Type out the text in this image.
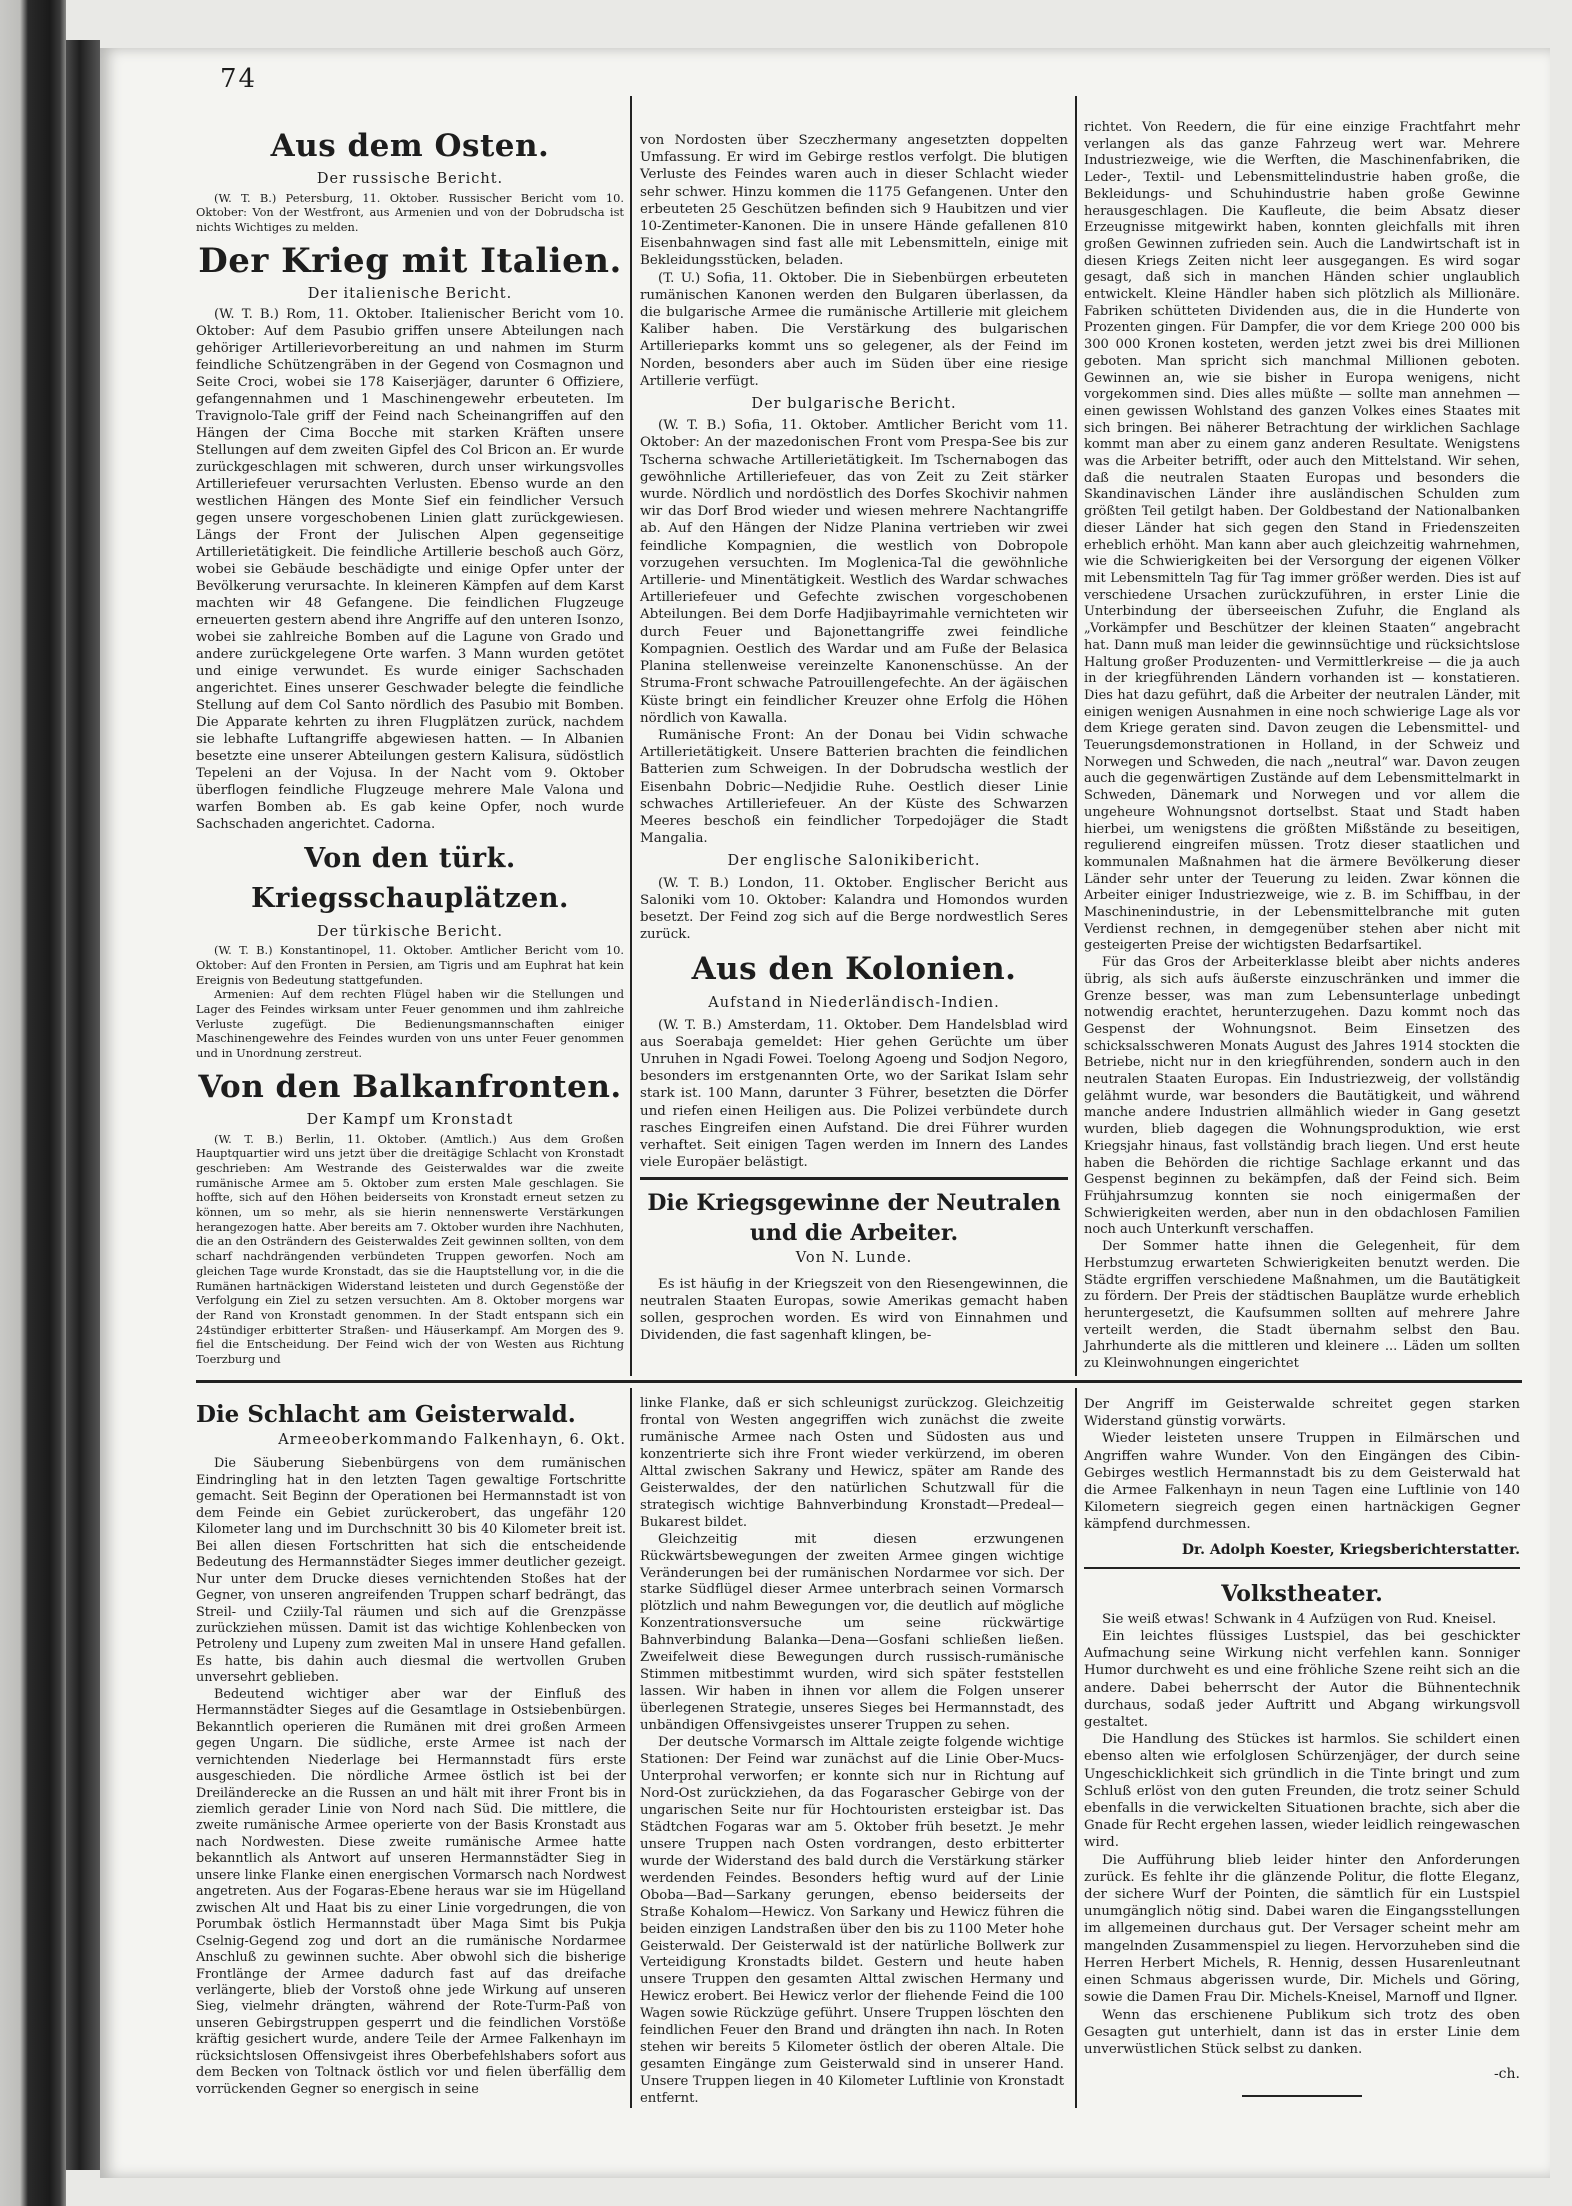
74
Aus dem Osten.
Der russische Bericht.

(W. T. B.) Petersburg, 11. Oktober. Russischer Bericht vom 10. Oktober: Von der Westfront, aus Armenien und von der Dobrudscha ist nichts Wichtiges zu melden.

Der Krieg mit Italien.
Der italienische Bericht.

(W. T. B.) Rom, 11. Oktober. Italienischer Bericht vom 10. Oktober: Auf dem Pasubio griffen unsere Abteilungen nach gehöriger Artillerievorbereitung an und nahmen im Sturm feindliche Schützengräben in der Gegend von Cosmagnon und Seite Croci, wobei sie 178 Kaiserjäger, darunter 6 Offiziere, gefangennahmen und 1 Maschinengewehr erbeuteten. Im Travignolo-Tale griff der Feind nach Scheinangriffen auf den Hängen der Cima Bocche mit starken Kräften unsere Stellungen auf dem zweiten Gipfel des Col Bricon an. Er wurde zurückgeschlagen mit schweren, durch unser wirkungsvolles Artilleriefeuer verursachten Verlusten. Ebenso wurde an den westlichen Hängen des Monte Sief ein feindlicher Versuch gegen unsere vorgeschobenen Linien glatt zurückgewiesen. Längs der Front der Julischen Alpen gegenseitige Artillerietätigkeit. Die feindliche Artillerie beschoß auch Görz, wobei sie Gebäude beschädigte und einige Opfer unter der Bevölkerung verursachte. In kleineren Kämpfen auf dem Karst machten wir 48 Gefangene. Die feindlichen Flugzeuge erneuerten gestern abend ihre Angriffe auf den unteren Isonzo, wobei sie zahlreiche Bomben auf die Lagune von Grado und andere zurückgelegene Orte warfen. 3 Mann wurden getötet und einige verwundet. Es wurde einiger Sachschaden angerichtet. Eines unserer Geschwader belegte die feindliche Stellung auf dem Col Santo nördlich des Pasubio mit Bomben. Die Apparate kehrten zu ihren Flugplätzen zurück, nachdem sie lebhafte Luftangriffe abgewiesen hatten. — In Albanien besetzte eine unserer Abteilungen gestern Kalisura, südöstlich Tepeleni an der Vojusa. In der Nacht vom 9. Oktober überflogen feindliche Flugzeuge mehrere Male Valona und warfen Bomben ab. Es gab keine Opfer, noch wurde Sachschaden angerichtet. Cadorna.

Von den türk. Kriegsschauplätzen.
Der türkische Bericht.

(W. T. B.) Konstantinopel, 11. Oktober. Amtlicher Bericht vom 10. Oktober: Auf den Fronten in Persien, am Tigris und am Euphrat hat kein Ereignis von Bedeutung stattgefunden.

Armenien: Auf dem rechten Flügel haben wir die Stellungen und Lager des Feindes wirksam unter Feuer genommen und ihm zahlreiche Verluste zugefügt. Die Bedienungsmannschaften einiger Maschinengewehre des Feindes wurden von uns unter Feuer genommen und in Unordnung zerstreut.

Von den Balkanfronten.
Der Kampf um Kronstadt

(W. T. B.) Berlin, 11. Oktober. (Amtlich.) Aus dem Großen Hauptquartier wird uns jetzt über die dreitägige Schlacht von Kronstadt geschrieben: Am Westrande des Geisterwaldes war die zweite rumänische Armee am 5. Oktober zum ersten Male geschlagen. Sie hoffte, sich auf den Höhen beiderseits von Kronstadt erneut setzen zu können, um so mehr, als sie hierin nennenswerte Verstärkungen herangezogen hatte. Aber bereits am 7. Oktober wurden ihre Nachhuten, die an den Osträndern des Geisterwaldes Zeit gewinnen sollten, von dem scharf nachdrängenden verbündeten Truppen geworfen. Noch am gleichen Tage wurde Kronstadt, das sie die Hauptstellung vor, in die die Rumänen hartnäckigen Widerstand leisteten und durch Gegenstöße der Verfolgung ein Ziel zu setzen versuchten. Am 8. Oktober morgens war der Rand von Kronstadt genommen. In der Stadt entspann sich ein 24stündiger erbitterter Straßen- und Häuserkampf. Am Morgen des 9. fiel die Entscheidung. Der Feind wich der von Westen aus Richtung Toerzburg und

von Nordosten über Szeczhermany angesetzten doppelten Umfassung. Er wird im Gebirge restlos verfolgt. Die blutigen Verluste des Feindes waren auch in dieser Schlacht wieder sehr schwer. Hinzu kommen die 1175 Gefangenen. Unter den erbeuteten 25 Geschützen befinden sich 9 Haubitzen und vier 10-Zentimeter-Kanonen. Die in unsere Hände gefallenen 810 Eisenbahnwagen sind fast alle mit Lebensmitteln, einige mit Bekleidungsstücken, beladen.

(T. U.) Sofia, 11. Oktober. Die in Siebenbürgen erbeuteten rumänischen Kanonen werden den Bulgaren überlassen, da die bulgarische Armee die rumänische Artillerie mit gleichem Kaliber haben. Die Verstärkung des bulgarischen Artillerieparks kommt uns so gelegener, als der Feind im Norden, besonders aber auch im Süden über eine riesige Artillerie verfügt.

Der bulgarische Bericht.

(W. T. B.) Sofia, 11. Oktober. Amtlicher Bericht vom 11. Oktober: An der mazedonischen Front vom Prespa-See bis zur Tscherna schwache Artillerietätigkeit. Im Tschernabogen das gewöhnliche Artilleriefeuer, das von Zeit zu Zeit stärker wurde. Nördlich und nordöstlich des Dorfes Skochivir nahmen wir das Dorf Brod wieder und wiesen mehrere Nachtangriffe ab. Auf den Hängen der Nidze Planina vertrieben wir zwei feindliche Kompagnien, die westlich von Dobropole vorzugehen versuchten. Im Moglenica-Tal die gewöhnliche Artillerie- und Minentätigkeit. Westlich des Wardar schwaches Artilleriefeuer und Gefechte zwischen vorgeschobenen Abteilungen. Bei dem Dorfe Hadjibayrimahle vernichteten wir durch Feuer und Bajonettangriffe zwei feindliche Kompagnien. Oestlich des Wardar und am Fuße der Belasica Planina stellenweise vereinzelte Kanonenschüsse. An der Struma-Front schwache Patrouillengefechte. An der ägäischen Küste bringt ein feindlicher Kreuzer ohne Erfolg die Höhen nördlich von Kawalla.

Rumänische Front: An der Donau bei Vidin schwache Artillerietätigkeit. Unsere Batterien brachten die feindlichen Batterien zum Schweigen. In der Dobrudscha westlich der Eisenbahn Dobric—Nedjidie Ruhe. Oestlich dieser Linie schwaches Artilleriefeuer. An der Küste des Schwarzen Meeres beschoß ein feindlicher Torpedojäger die Stadt Mangalia.

Der englische Salonikibericht.

(W. T. B.) London, 11. Oktober. Englischer Bericht aus Saloniki vom 10. Oktober: Kalandra und Homondos wurden besetzt. Der Feind zog sich auf die Berge nordwestlich Seres zurück.

Aus den Kolonien.
Aufstand in Niederländisch-Indien.

(W. T. B.) Amsterdam, 11. Oktober. Dem Handelsblad wird aus Soerabaja gemeldet: Hier gehen Gerüchte um über Unruhen in Ngadi Fowei. Toelong Agoeng und Sodjon Negoro, besonders im erstgenannten Orte, wo der Sarikat Islam sehr stark ist. 100 Mann, darunter 3 Führer, besetzten die Dörfer und riefen einen Heiligen aus. Die Polizei verbündete durch rasches Eingreifen einen Aufstand. Die drei Führer wurden verhaftet. Seit einigen Tagen werden im Innern des Landes viele Europäer belästigt.

Die Kriegsgewinne der Neutralen und die Arbeiter.
Von N. Lunde.

Es ist häufig in der Kriegszeit von den Riesengewinnen, die neutralen Staaten Europas, sowie Amerikas gemacht haben sollen, gesprochen worden. Es wird von Einnahmen und Dividenden, die fast sagenhaft klingen, be-

richtet. Von Reedern, die für eine einzige Frachtfahrt mehr verlangen als das ganze Fahrzeug wert war. Mehrere Industriezweige, wie die Werften, die Maschinenfabriken, die Leder-, Textil- und Lebensmittelindustrie haben große, die Bekleidungs- und Schuhindustrie haben große Gewinne herausgeschlagen. Die Kaufleute, die beim Absatz dieser Erzeugnisse mitgewirkt haben, konnten gleichfalls mit ihren großen Gewinnen zufrieden sein. Auch die Landwirtschaft ist in diesen Kriegs Zeiten nicht leer ausgegangen. Es wird sogar gesagt, daß sich in manchen Händen schier unglaublich entwickelt. Kleine Händler haben sich plötzlich als Millionäre. Fabriken schütteten Dividenden aus, die in die Hunderte von Prozenten gingen. Für Dampfer, die vor dem Kriege 200 000 bis 300 000 Kronen kosteten, werden jetzt zwei bis drei Millionen geboten. Man spricht sich manchmal Millionen geboten. Gewinnen an, wie sie bisher in Europa wenigens, nicht vorgekommen sind. Dies alles müßte — sollte man annehmen — einen gewissen Wohlstand des ganzen Volkes eines Staates mit sich bringen. Bei näherer Betrachtung der wirklichen Sachlage kommt man aber zu einem ganz anderen Resultate. Wenigstens was die Arbeiter betrifft, oder auch den Mittelstand. Wir sehen, daß die neutralen Staaten Europas und besonders die Skandinavischen Länder ihre ausländischen Schulden zum größten Teil getilgt haben. Der Goldbestand der Nationalbanken dieser Länder hat sich gegen den Stand in Friedenszeiten erheblich erhöht. Man kann aber auch gleichzeitig wahrnehmen, wie die Schwierigkeiten bei der Versorgung der eigenen Völker mit Lebensmitteln Tag für Tag immer größer werden. Dies ist auf verschiedene Ursachen zurückzuführen, in erster Linie die Unterbindung der überseeischen Zufuhr, die England als „Vorkämpfer und Beschützer der kleinen Staaten“ angebracht hat. Dann muß man leider die gewinnsüchtige und rücksichtslose Haltung großer Produzenten- und Vermittlerkreise — die ja auch in der kriegführenden Ländern vorhanden ist — konstatieren. Dies hat dazu geführt, daß die Arbeiter der neutralen Länder, mit einigen wenigen Ausnahmen in eine noch schwierige Lage als vor dem Kriege geraten sind. Davon zeugen die Lebensmittel- und Teuerungsdemonstrationen in Holland, in der Schweiz und Norwegen und Schweden, die nach „neutral“ war. Davon zeugen auch die gegenwärtigen Zustände auf dem Lebensmittelmarkt in Schweden, Dänemark und Norwegen und vor allem die ungeheure Wohnungsnot dortselbst. Staat und Stadt haben hierbei, um wenigstens die größten Mißstände zu beseitigen, regulierend eingreifen müssen. Trotz dieser staatlichen und kommunalen Maßnahmen hat die ärmere Bevölkerung dieser Länder sehr unter der Teuerung zu leiden. Zwar können die Arbeiter einiger Industriezweige, wie z. B. im Schiffbau, in der Maschinenindustrie, in der Lebensmittelbranche mit guten Verdienst rechnen, in demgegenüber stehen aber nicht mit gesteigerten Preise der wichtigsten Bedarfsartikel.

Für das Gros der Arbeiterklasse bleibt aber nichts anderes übrig, als sich aufs äußerste einzuschränken und immer die Grenze besser, was man zum Lebensunterlage unbedingt notwendig erachtet, herunterzugehen. Dazu kommt noch das Gespenst der Wohnungsnot. Beim Einsetzen des schicksalsschweren Monats August des Jahres 1914 stockten die Betriebe, nicht nur in den kriegführenden, sondern auch in den neutralen Staaten Europas. Ein Industriezweig, der vollständig gelähmt wurde, war besonders die Bautätigkeit, und während manche andere Industrien allmählich wieder in Gang gesetzt wurden, blieb dagegen die Wohnungsproduktion, wie erst Kriegsjahr hinaus, fast vollständig brach liegen. Und erst heute haben die Behörden die richtige Sachlage erkannt und das Gespenst beginnen zu bekämpfen, daß der Feind sich. Beim Frühjahrsumzug konnten sie noch einigermaßen der Schwierigkeiten werden, aber nun in den obdachlosen Familien noch auch Unterkunft verschaffen.

Der Sommer hatte ihnen die Gelegenheit, für dem Herbstumzug erwarteten Schwierigkeiten benutzt werden. Die Städte ergriffen verschiedene Maßnahmen, um die Bautätigkeit zu fördern. Der Preis der städtischen Bauplätze wurde erheblich heruntergesetzt, die Kaufsummen sollten auf mehrere Jahre verteilt werden, die Stadt übernahm selbst den Bau. Jahrhunderte als die mittleren und kleinere ... Läden um sollten zu Kleinwohnungen eingerichtet

Die Schlacht am Geisterwald.
Armeeoberkommando Falkenhayn, 6. Okt.

Die Säuberung Siebenbürgens von dem rumänischen Eindringling hat in den letzten Tagen gewaltige Fortschritte gemacht. Seit Beginn der Operationen bei Hermannstadt ist von dem Feinde ein Gebiet zurückerobert, das ungefähr 120 Kilometer lang und im Durchschnitt 30 bis 40 Kilometer breit ist. Bei allen diesen Fortschritten hat sich die entscheidende Bedeutung des Hermannstädter Sieges immer deutlicher gezeigt. Nur unter dem Drucke dieses vernichtenden Stoßes hat der Gegner, von unseren angreifenden Truppen scharf bedrängt, das Streil- und Cziily-Tal räumen und sich auf die Grenzpässe zurückziehen müssen. Damit ist das wichtige Kohlenbecken von Petroleny und Lupeny zum zweiten Mal in unsere Hand gefallen. Es hatte, bis dahin auch diesmal die wertvollen Gruben unversehrt geblieben.

Bedeutend wichtiger aber war der Einfluß des Hermannstädter Sieges auf die Gesamtlage in Ostsiebenbürgen. Bekanntlich operieren die Rumänen mit drei großen Armeen gegen Ungarn. Die südliche, erste Armee ist nach der vernichtenden Niederlage bei Hermannstadt fürs erste ausgeschieden. Die nördliche Armee östlich ist bei der Dreiländerecke an die Russen an und hält mit ihrer Front bis in ziemlich gerader Linie von Nord nach Süd. Die mittlere, die zweite rumänische Armee operierte von der Basis Kronstadt aus nach Nordwesten. Diese zweite rumänische Armee hatte bekanntlich als Antwort auf unseren Hermannstädter Sieg in unsere linke Flanke einen energischen Vormarsch nach Nordwest angetreten. Aus der Fogaras-Ebene heraus war sie im Hügelland zwischen Alt und Haat bis zu einer Linie vorgedrungen, die von Porumbak östlich Hermannstadt über Maga Simt bis Pukja Cselnig-Gegend zog und dort an die rumänische Nordarmee Anschluß zu gewinnen suchte. Aber obwohl sich die bisherige Frontlänge der Armee dadurch fast auf das dreifache verlängerte, blieb der Vorstoß ohne jede Wirkung auf unseren Sieg, vielmehr drängten, während der Rote-Turm-Paß von unseren Gebirgstruppen gesperrt und die feindlichen Vorstöße kräftig gesichert wurde, andere Teile der Armee Falkenhayn im rücksichtslosen Offensivgeist ihres Oberbefehlshabers sofort aus dem Becken von Toltnack östlich vor und fielen überfällig dem vorrückenden Gegner so energisch in seine

linke Flanke, daß er sich schleunigst zurückzog. Gleichzeitig frontal von Westen angegriffen wich zunächst die zweite rumänische Armee nach Osten und Südosten aus und konzentrierte sich ihre Front wieder verkürzend, im oberen Alttal zwischen Sakrany und Hewicz, später am Rande des Geisterwaldes, der den natürlichen Schutzwall für die strategisch wichtige Bahnverbindung Kronstadt—Predeal—Bukarest bildet.

Gleichzeitig mit diesen erzwungenen Rückwärtsbewegungen der zweiten Armee gingen wichtige Veränderungen bei der rumänischen Nordarmee vor sich. Der starke Südflügel dieser Armee unterbrach seinen Vormarsch plötzlich und nahm Bewegungen vor, die deutlich auf mögliche Konzentrationsversuche um seine rückwärtige Bahnverbindung Balanka—Dena—Gosfani schließen ließen. Zweifelweit diese Bewegungen durch russisch-rumänische Stimmen mitbestimmt wurden, wird sich später feststellen lassen. Wir haben in ihnen vor allem die Folgen unserer überlegenen Strategie, unseres Sieges bei Hermannstadt, des unbändigen Offensivgeistes unserer Truppen zu sehen.

Der deutsche Vormarsch im Alttale zeigte folgende wichtige Stationen: Der Feind war zunächst auf die Linie Ober-Mucs-Unterprohal verworfen; er konnte sich nur in Richtung auf Nord-Ost zurückziehen, da das Fogarascher Gebirge von der ungarischen Seite nur für Hochtouristen ersteigbar ist. Das Städtchen Fogaras war am 5. Oktober früh besetzt. Je mehr unsere Truppen nach Osten vordrangen, desto erbitterter wurde der Widerstand des bald durch die Verstärkung stärker werdenden Feindes. Besonders heftig wurd auf der Linie Oboba—Bad—Sarkany gerungen, ebenso beiderseits der Straße Kohalom—Hewicz. Von Sarkany und Hewicz führen die beiden einzigen Landstraßen über den bis zu 1100 Meter hohe Geisterwald. Der Geisterwald ist der natürliche Bollwerk zur Verteidigung Kronstadts bildet. Gestern und heute haben unsere Truppen den gesamten Alttal zwischen Hermany und Hewicz erobert. Bei Hewicz verlor der fliehende Feind die 100 Wagen sowie Rückzüge geführt. Unsere Truppen löschten den feindlichen Feuer den Brand und drängten ihn nach. In Roten stehen wir bereits 5 Kilometer östlich der oberen Altale. Die gesamten Eingänge zum Geisterwald sind in unserer Hand. Unsere Truppen liegen in 40 Kilometer Luftlinie von Kronstadt entfernt.

Der Angriff im Geisterwalde schreitet gegen starken Widerstand günstig vorwärts.

Wieder leisteten unsere Truppen in Eilmärschen und Angriffen wahre Wunder. Von den Eingängen des Cibin-Gebirges westlich Hermannstadt bis zu dem Geisterwald hat die Armee Falkenhayn in neun Tagen eine Luftlinie von 140 Kilometern siegreich gegen einen hartnäckigen Gegner kämpfend durchmessen.

Dr. Adolph Koester, Kriegsberichterstatter.
Volkstheater.

Sie weiß etwas! Schwank in 4 Aufzügen von Rud. Kneisel.

Ein leichtes flüssiges Lustspiel, das bei geschickter Aufmachung seine Wirkung nicht verfehlen kann. Sonniger Humor durchweht es und eine fröhliche Szene reiht sich an die andere. Dabei beherrscht der Autor die Bühnentechnik durchaus, sodaß jeder Auftritt und Abgang wirkungsvoll gestaltet.

Die Handlung des Stückes ist harmlos. Sie schildert einen ebenso alten wie erfolglosen Schürzenjäger, der durch seine Ungeschicklichkeit sich gründlich in die Tinte bringt und zum Schluß erlöst von den guten Freunden, die trotz seiner Schuld ebenfalls in die verwickelten Situationen brachte, sich aber die Gnade für Recht ergehen lassen, wieder leidlich reingewaschen wird.

Die Aufführung blieb leider hinter den Anforderungen zurück. Es fehlte ihr die glänzende Politur, die flotte Eleganz, der sichere Wurf der Pointen, die sämtlich für ein Lustspiel unumgänglich nötig sind. Dabei waren die Eingangsstellungen im allgemeinen durchaus gut. Der Versager scheint mehr am mangelnden Zusammenspiel zu liegen. Hervorzuheben sind die Herren Herbert Michels, R. Hennig, dessen Husarenleutnant einen Schmaus abgerissen wurde, Dir. Michels und Göring, sowie die Damen Frau Dir. Michels-Kneisel, Marnoff und Ilgner.

Wenn das erschienene Publikum sich trotz des oben Gesagten gut unterhielt, dann ist das in erster Linie dem unverwüstlichen Stück selbst zu danken.

-ch.
